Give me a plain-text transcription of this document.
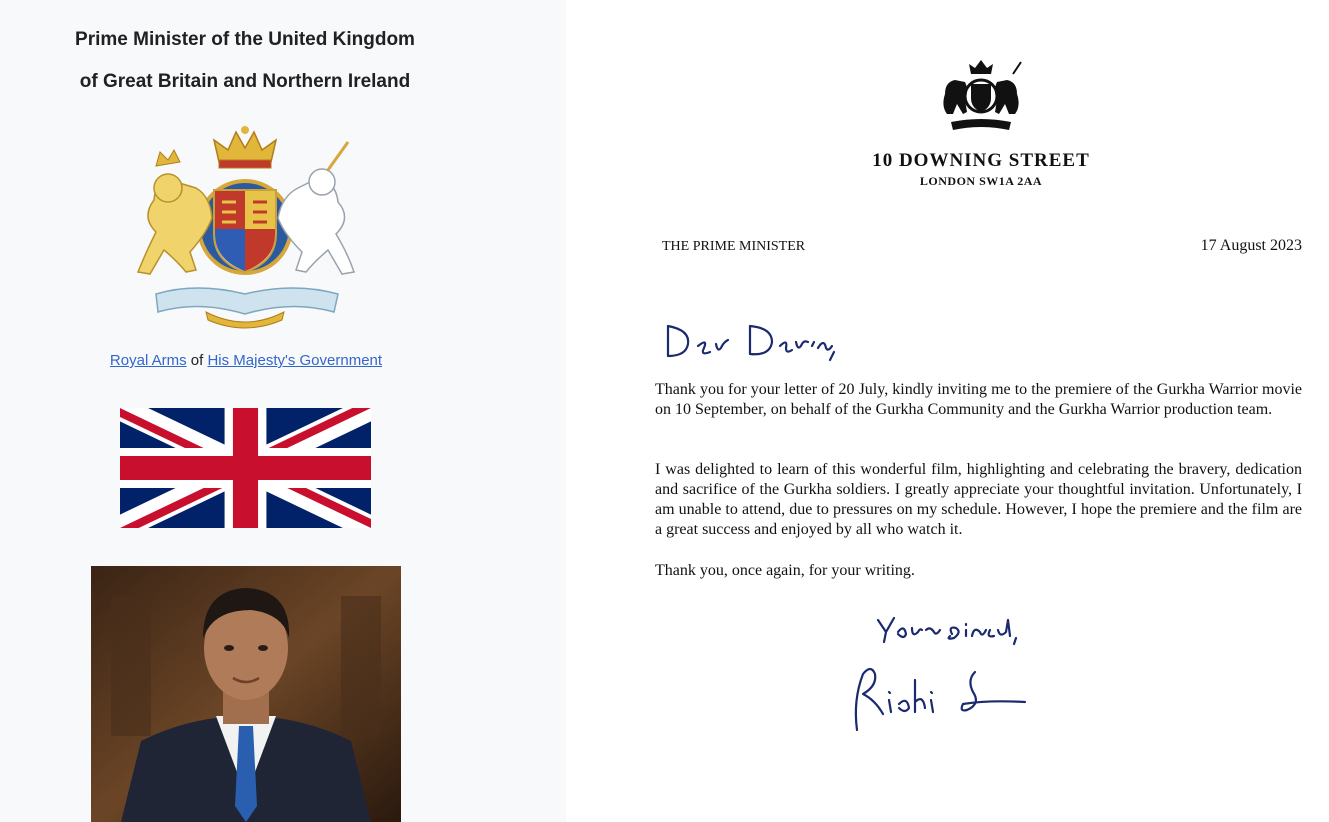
Prime Minister of the United Kingdom
of Great Britain and Northern Ireland
Royal Arms of His Majesty's Government
10 DOWNING STREET
LONDON SW1A 2AA
THE PRIME MINISTER	17 August 2023

Thank you for your letter of 20 July, kindly inviting me to the premiere of the Gurkha Warrior movie on 10 September, on behalf of the Gurkha Community and the Gurkha Warrior production team.

I was delighted to learn of this wonderful film, highlighting and celebrating the bravery, dedication and sacrifice of the Gurkha soldiers. I greatly appreciate your thoughtful invitation. Unfortunately, I am unable to attend, due to pressures on my schedule. However, I hope the premiere and the film are a great success and enjoyed by all who watch it.

Thank you, once again, for your writing.
